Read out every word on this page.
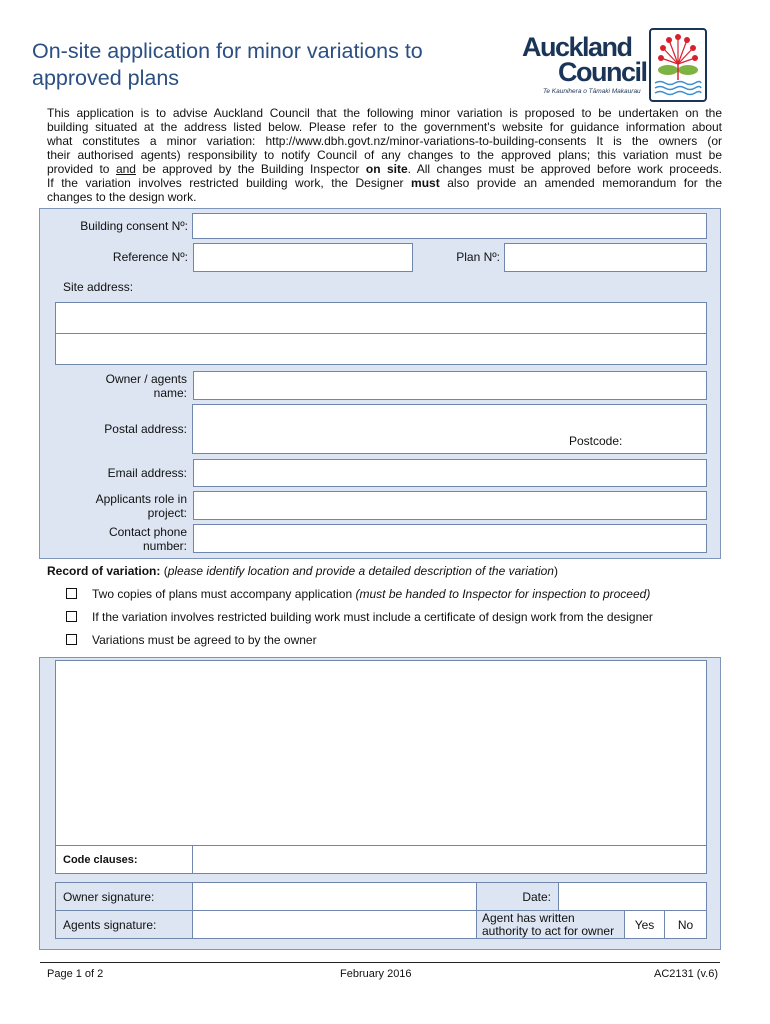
On-site application for minor variations to
approved plans
Auckland
Council
Te Kaunihera o Tāmaki Makaurau
This application is to advise Auckland Council that the following minor variation is proposed to be undertaken on the
building situated at the address listed below. Please refer to the government's website for guidance information about
what constitutes a minor variation: http://www.dbh.govt.nz/minor-variations-to-building-consents It is the owners (or
their authorised agents) responsibility to notify Council of any changes to the approved plans; this variation must be
provided to and be approved by the Building Inspector on site. All changes must be approved before work proceeds.
If the variation involves restricted building work, the Designer must also provide an amended memorandum for the
changes to the design work.
Building consent Nº:
Reference Nº:	Plan Nº:
Site address:
Owner / agents
name:
Postal address:
Postcode:
Email address:
Applicants role in
project:
Contact phone
number:
Record of variation: (please identify location and provide a detailed description of the variation)
Two copies of plans must accompany application (must be handed to Inspector for inspection to proceed)
If the variation involves restricted building work must include a certificate of design work from the designer
Variations must be agreed to by the owner
Code clauses:
Owner signature:	Date:
Agents signature:	Agent has written
authority to act for owner	Yes	No
Page 1 of 2	February 2016	AC2131 (v.6)
